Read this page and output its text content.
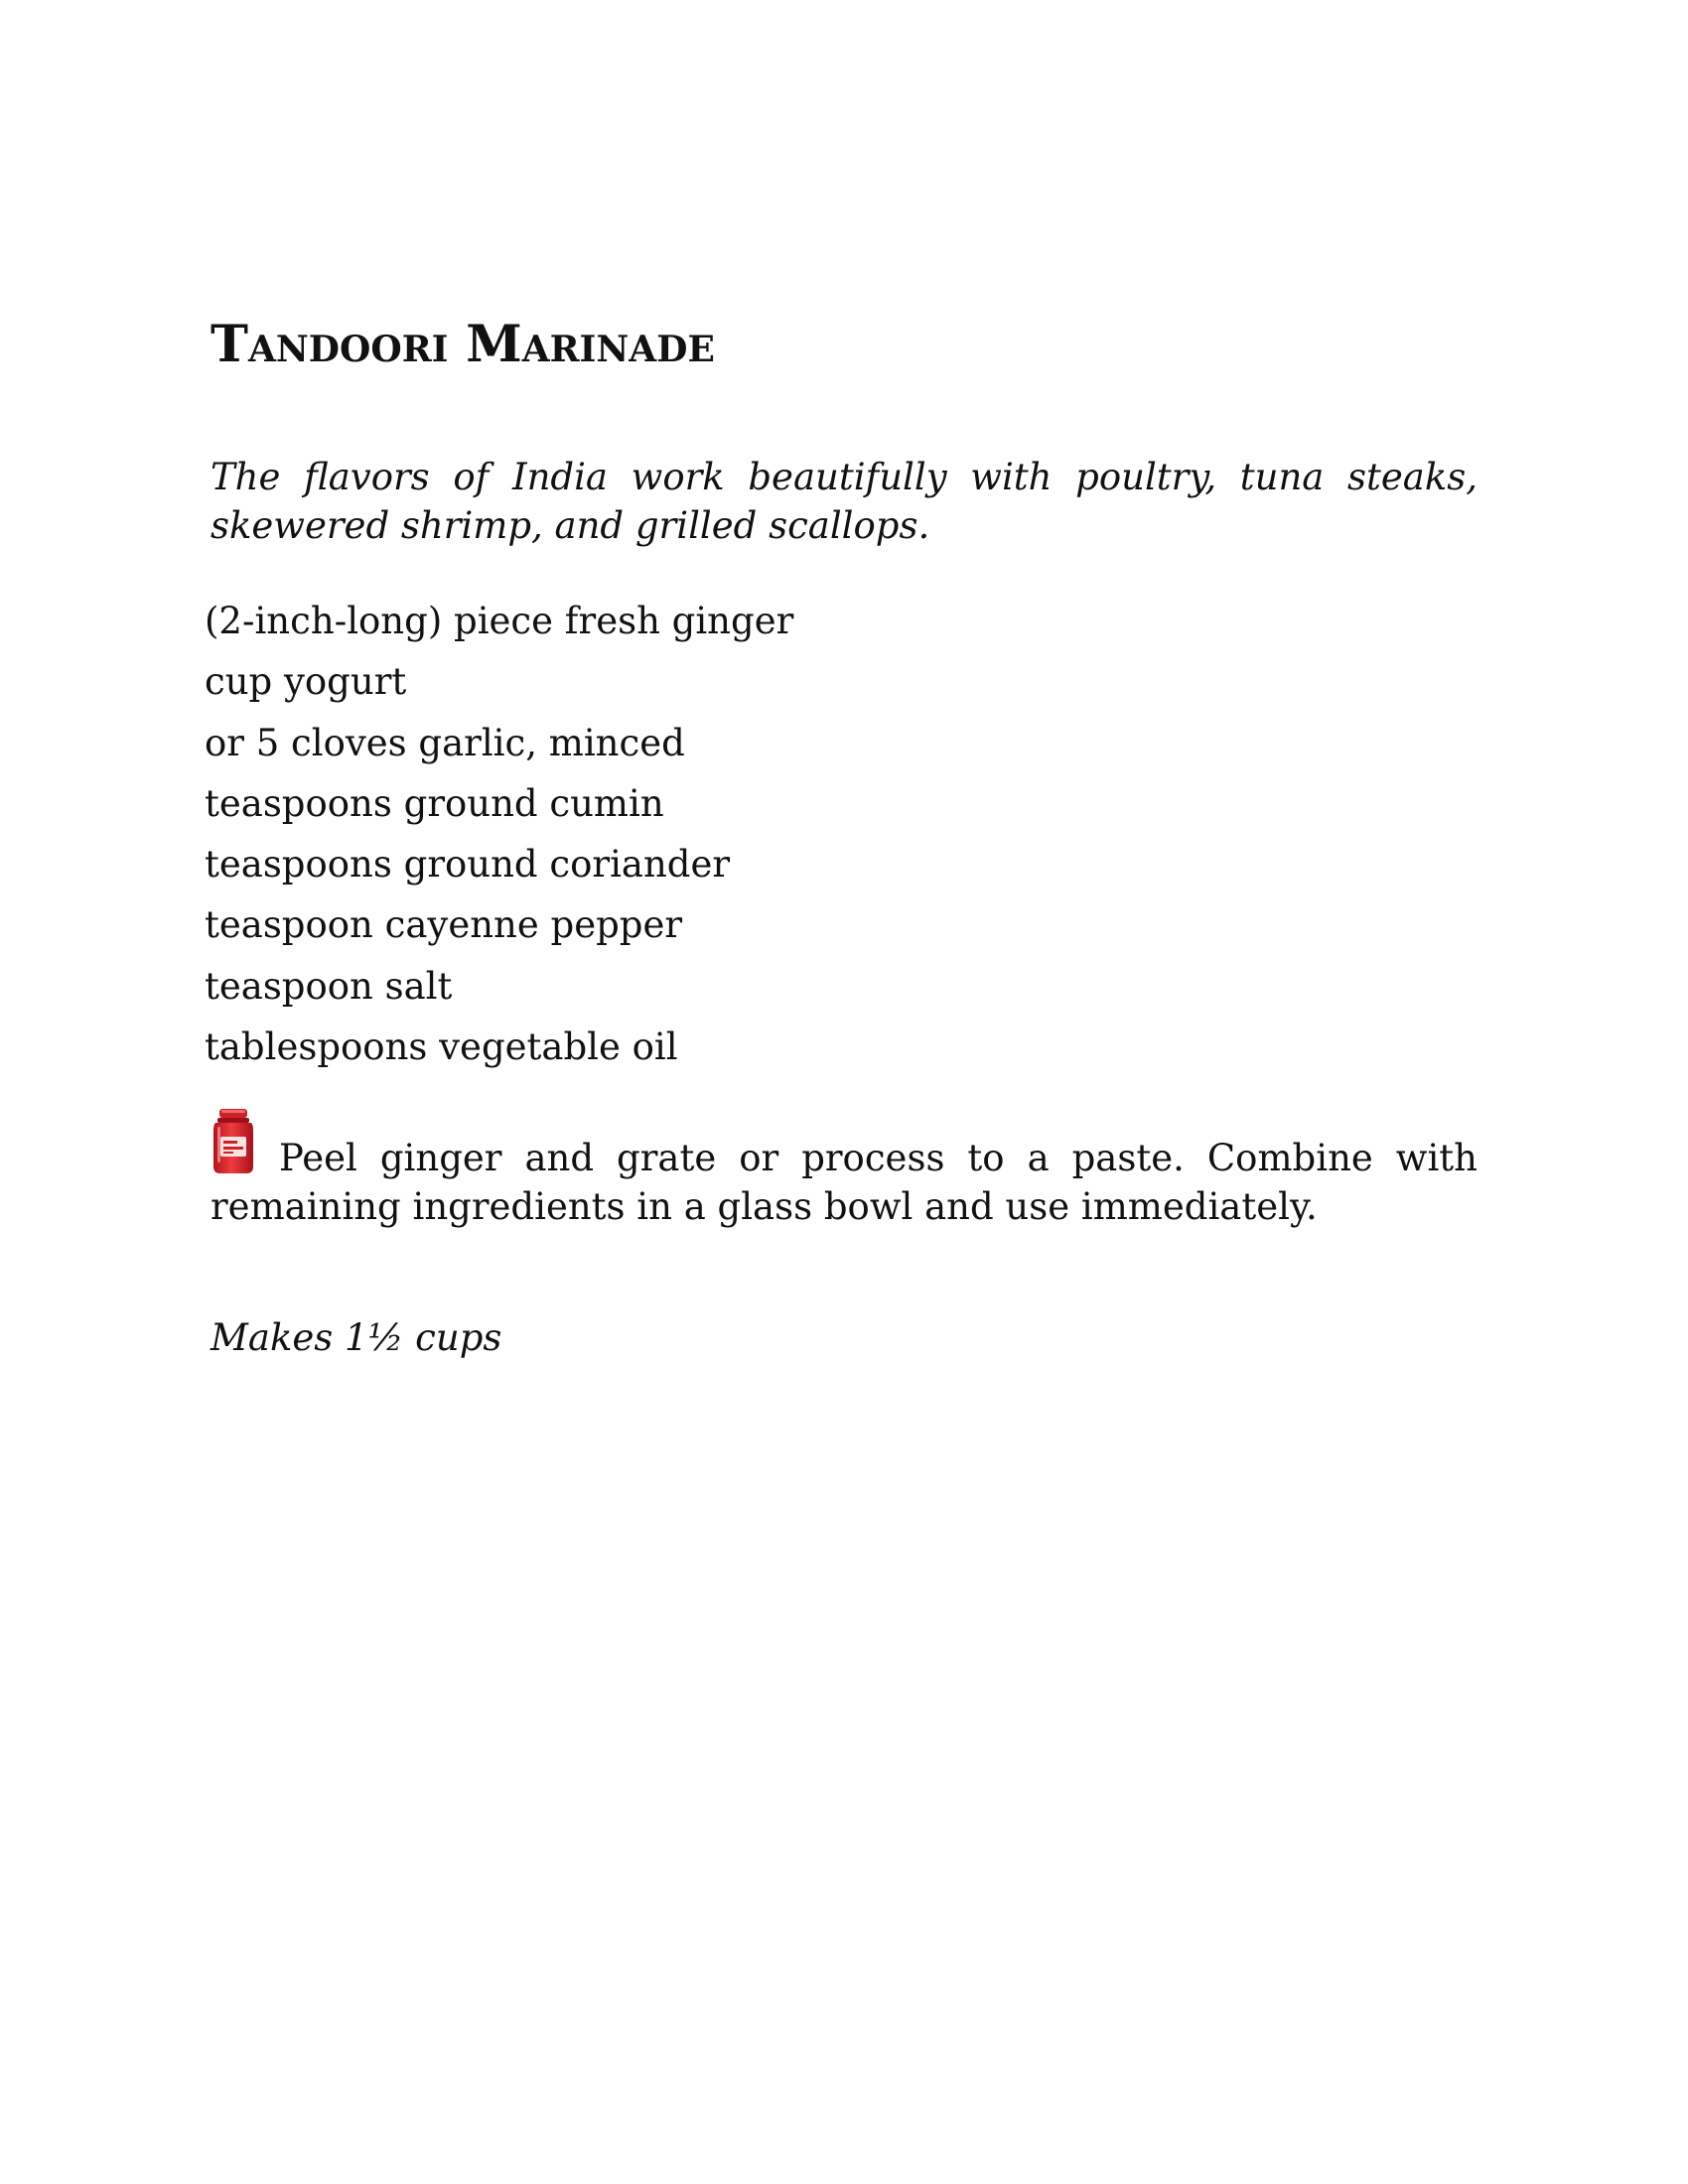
Tandoori Marinade

The flavors of India work beautifully with poultry, tuna steaks, skewered shrimp, and grilled scallops.

(2-inch-long) piece fresh ginger
cup yogurt
or 5 cloves garlic, minced
teaspoons ground cumin
teaspoons ground coriander
teaspoon cayenne pepper
teaspoon salt
tablespoons vegetable oil

Peel ginger and grate or process to a paste. Combine with remaining ingredients in a glass bowl and use immediately.

Makes 1½ cups
